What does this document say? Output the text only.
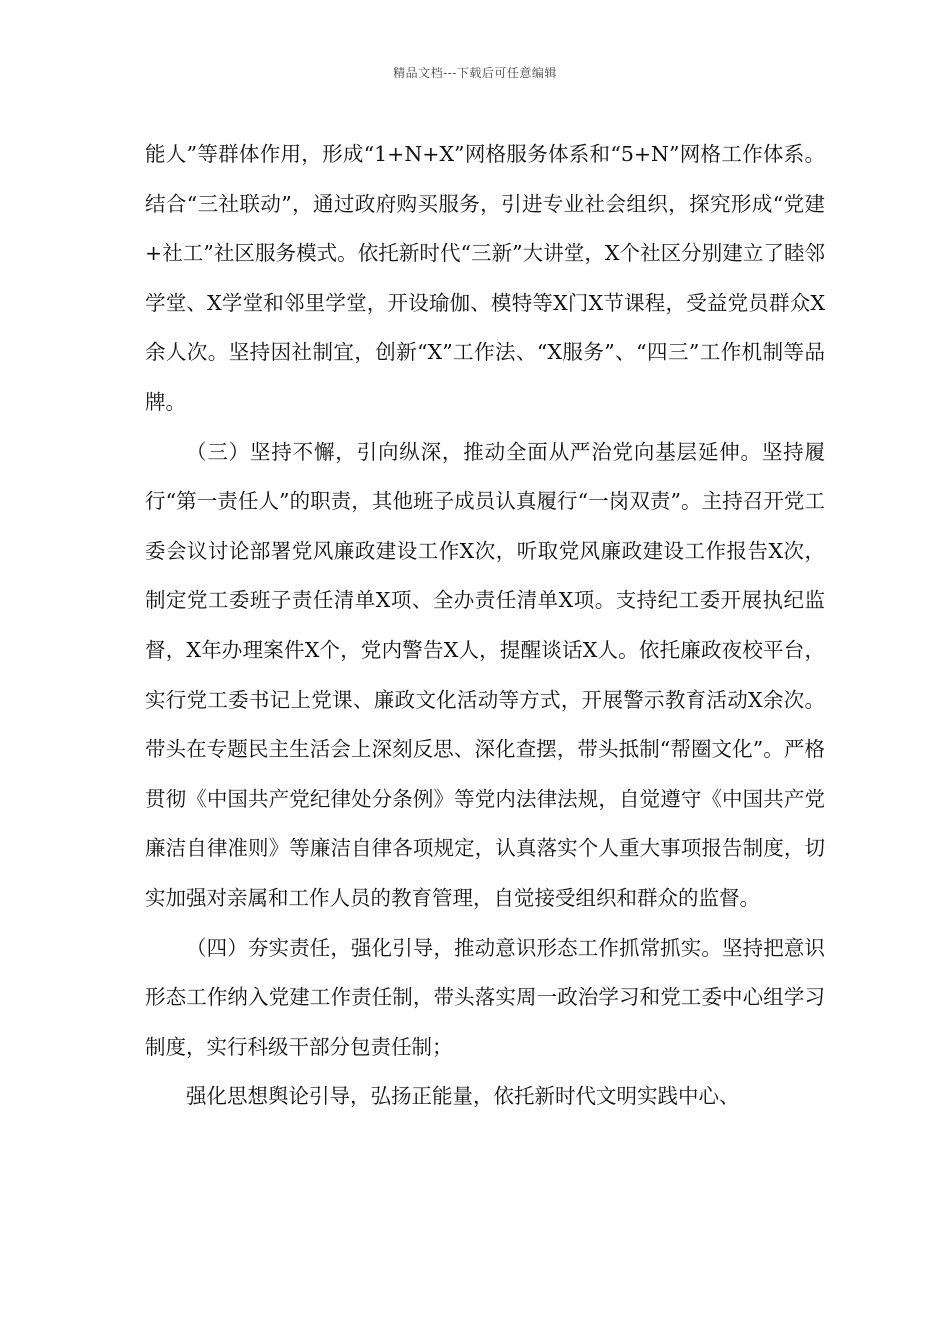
精品文档---下载后可任意编辑

能人”等群体作用，形成“1+N+X”网格服务体系和“5+N”网格工作体系。结合“三社联动”，通过政府购买服务，引进专业社会组织，探究形成“党建+社工”社区服务模式。依托新时代“三新”大讲堂，X个社区分别建立了睦邻学堂、X学堂和邻里学堂，开设瑜伽、模特等X门X节课程，受益党员群众X余人次。坚持因社制宜，创新“X”工作法、“X服务”、“四三”工作机制等品牌。

（三）坚持不懈，引向纵深，推动全面从严治党向基层延伸。坚持履行“第一责任人”的职责，其他班子成员认真履行“一岗双责”。主持召开党工委会议讨论部署党风廉政建设工作X次，听取党风廉政建设工作报告X次，制定党工委班子责任清单X项、全办责任清单X项。支持纪工委开展执纪监督，X年办理案件X个，党内警告X人，提醒谈话X人。依托廉政夜校平台，实行党工委书记上党课、廉政文化活动等方式，开展警示教育活动X余次。带头在专题民主生活会上深刻反思、深化查摆，带头抵制“帮圈文化”。严格贯彻《中国共产党纪律处分条例》等党内法律法规，自觉遵守《中国共产党廉洁自律准则》等廉洁自律各项规定，认真落实个人重大事项报告制度，切实加强对亲属和工作人员的教育管理，自觉接受组织和群众的监督。

（四）夯实责任，强化引导，推动意识形态工作抓常抓实。坚持把意识形态工作纳入党建工作责任制，带头落实周一政治学习和党工委中心组学习制度，实行科级干部分包责任制；

强化思想舆论引导，弘扬正能量，依托新时代文明实践中心、
